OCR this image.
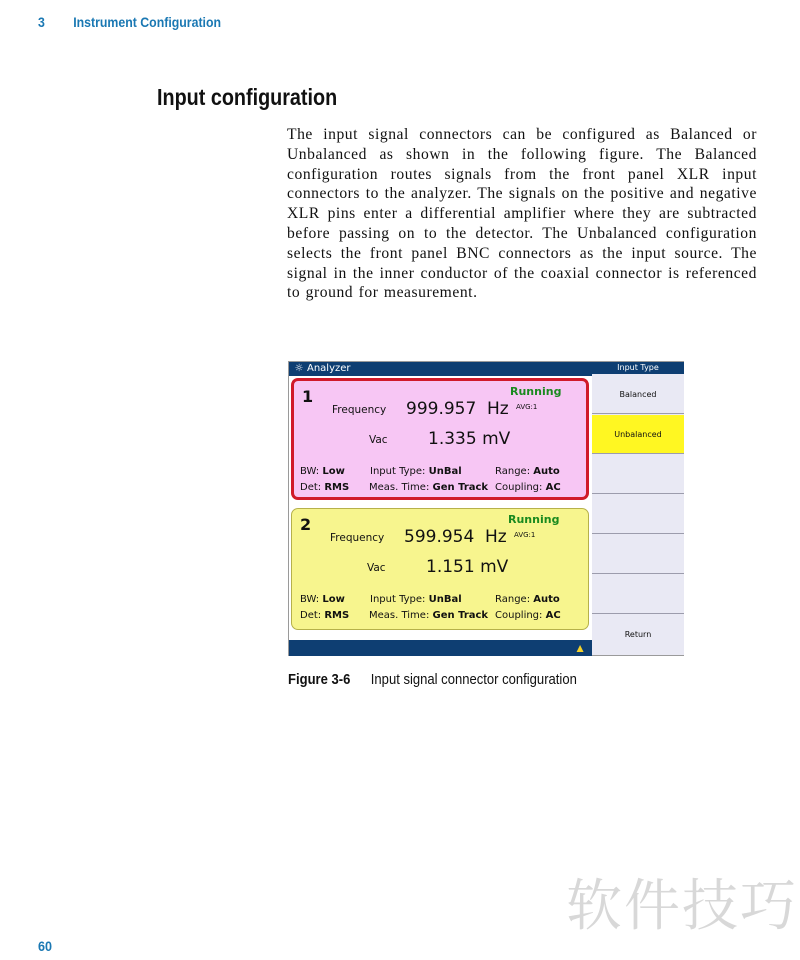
3 Instrument Configuration
Input configuration
The input signal connectors can be configured as Balanced or Unbalanced as shown in the following figure. The Balanced configuration routes signals from the front panel XLR input connectors to the analyzer. The signals on the positive and negative XLR pins enter a differential amplifier where they are subtracted before passing on to the detector. The Unbalanced configuration selects the front panel BNC connectors as the input source. The signal in the inner conductor of the coaxial connector is referenced to ground for measurement.
☼ Analyzer
1	Running
Frequency 999.957 Hz AVG:1
Vac 1.335 mV
BW: Low	Input Type: UnBal	Range: Auto
Det: RMS Meas. Time: Gen Track Coupling: AC
2	Running
Frequency 599.954 Hz AVG:1
Vac 1.151 mV
BW: Low	Input Type: UnBal	Range: Auto
Det: RMS Meas. Time: Gen Track Coupling: AC
▲
Input Type
Balanced
Unbalanced
Return
Figure 3-6 Input signal connector configuration
软件技巧
60
